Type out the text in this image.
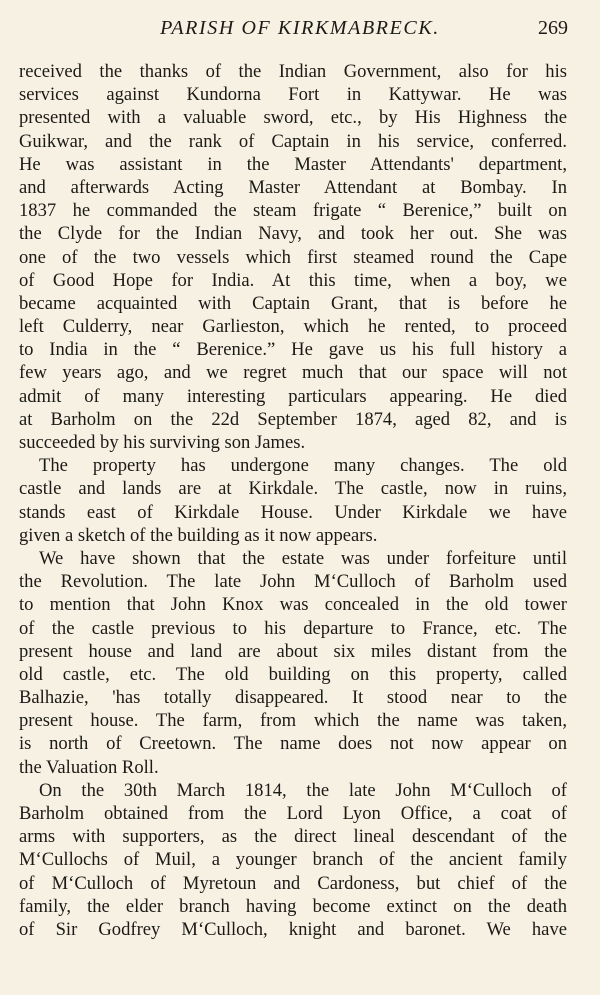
PARISH OF KIRKMABRECK.	269
received the thanks of the Indian Government, also for his
services against Kundorna Fort in Kattywar. He was
presented with a valuable sword, etc., by His Highness the
Guikwar, and the rank of Captain in his service, conferred.
He was assistant in the Master Attendants' department,
and afterwards Acting Master Attendant at Bombay. In
1837 he commanded the steam frigate “ Berenice,” built on
the Clyde for the Indian Navy, and took her out. She was
one of the two vessels which first steamed round the Cape
of Good Hope for India. At this time, when a boy, we
became acquainted with Captain Grant, that is before he
left Culderry, near Garlieston, which he rented, to proceed
to India in the “ Berenice.” He gave us his full history a
few years ago, and we regret much that our space will not
admit of many interesting particulars appearing. He died
at Barholm on the 22d September 1874, aged 82, and is
succeeded by his surviving son James.
The property has undergone many changes. The old
castle and lands are at Kirkdale. The castle, now in ruins,
stands east of Kirkdale House. Under Kirkdale we have
given a sketch of the building as it now appears.
We have shown that the estate was under forfeiture until
the Revolution. The late John M‘Culloch of Barholm used
to mention that John Knox was concealed in the old tower
of the castle previous to his departure to France, etc. The
present house and land are about six miles distant from the
old castle, etc. The old building on this property, called
Balhazie, 'has totally disappeared. It stood near to the
present house. The farm, from which the name was taken,
is north of Creetown. The name does not now appear on
the Valuation Roll.
On the 30th March 1814, the late John M‘Culloch of
Barholm obtained from the Lord Lyon Office, a coat of
arms with supporters, as the direct lineal descendant of the
M‘Cullochs of Muil, a younger branch of the ancient family
of M‘Culloch of Myretoun and Cardoness, but chief of the
family, the elder branch having become extinct on the death
of Sir Godfrey M‘Culloch, knight and baronet. We have
